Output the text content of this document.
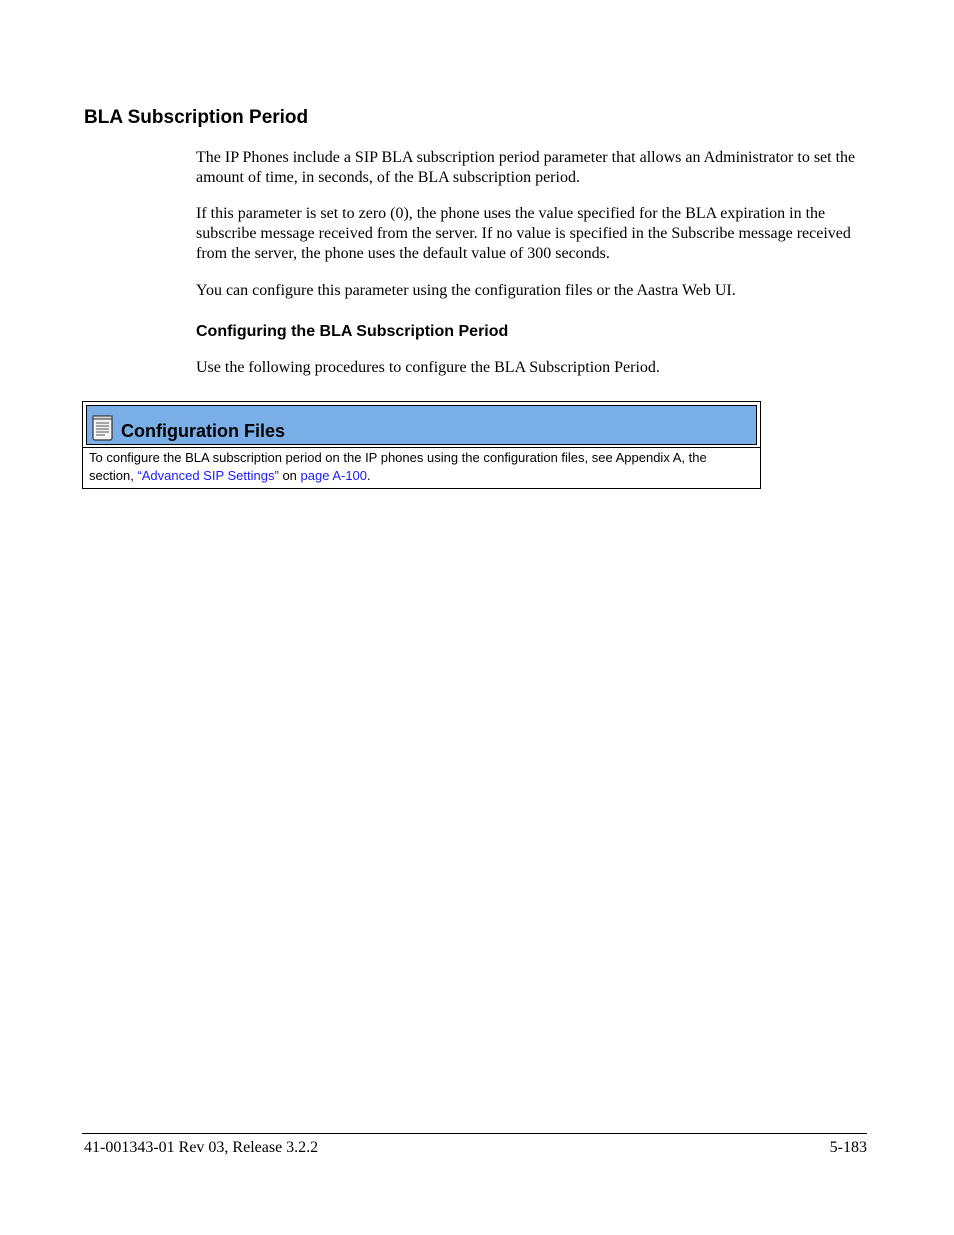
BLA Subscription Period

The IP Phones include a SIP BLA subscription period parameter that allows an Administrator to set the amount of time, in seconds, of the BLA subscription period.

If this parameter is set to zero (0), the phone uses the value specified for the BLA expiration in the subscribe message received from the server. If no value is specified in the Subscribe message received from the server, the phone uses the default value of 300 seconds.

You can configure this parameter using the configuration files or the Aastra Web UI.

Configuring the BLA Subscription Period

Use the following procedures to configure the BLA Subscription Period.

Configuration Files

To configure the BLA subscription period on the IP phones using the configuration files, see Appendix A, the section, “Advanced SIP Settings” on page A-100.

41-001343-01 Rev 03, Release 3.2.2	5-183
